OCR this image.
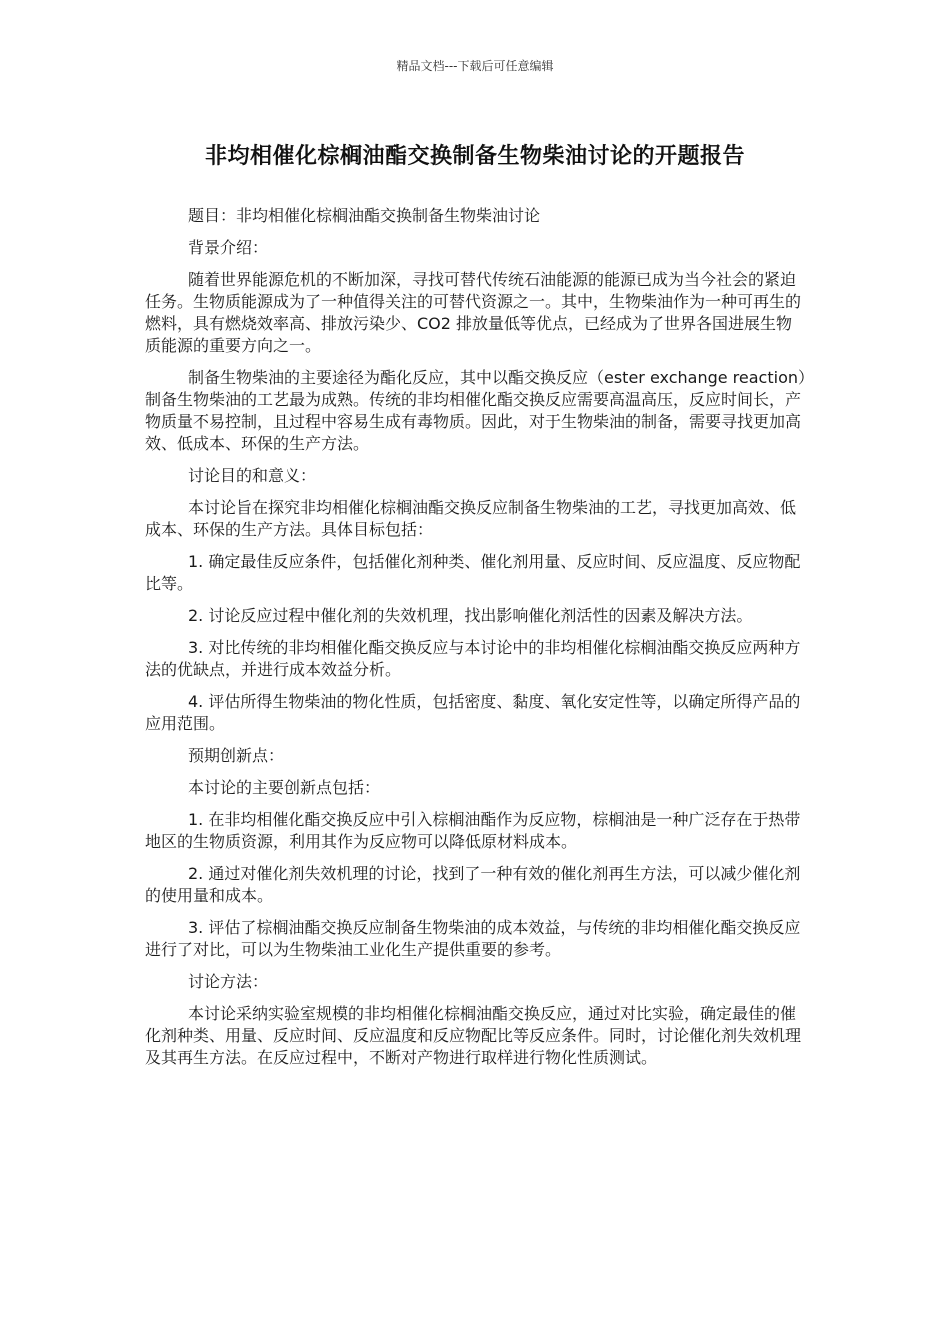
精品文档---下载后可任意编辑
非均相催化棕榈油酯交换制备生物柴油讨论的开题报告

题目：非均相催化棕榈油酯交换制备生物柴油讨论

背景介绍：

随着世界能源危机的不断加深，寻找可替代传统石油能源的能源已成为当今社会的紧迫任务。生物质能源成为了一种值得关注的可替代资源之一。其中，生物柴油作为一种可再生的燃料，具有燃烧效率高、排放污染少、CO2 排放量低等优点，已经成为了世界各国进展生物质能源的重要方向之一。

制备生物柴油的主要途径为酯化反应，其中以酯交换反应（ester exchange reaction）制备生物柴油的工艺最为成熟。传统的非均相催化酯交换反应需要高温高压，反应时间长，产物质量不易控制，且过程中容易生成有毒物质。因此，对于生物柴油的制备，需要寻找更加高效、低成本、环保的生产方法。

讨论目的和意义：

本讨论旨在探究非均相催化棕榈油酯交换反应制备生物柴油的工艺，寻找更加高效、低成本、环保的生产方法。具体目标包括：

1. 确定最佳反应条件，包括催化剂种类、催化剂用量、反应时间、反应温度、反应物配比等。

2. 讨论反应过程中催化剂的失效机理，找出影响催化剂活性的因素及解决方法。

3. 对比传统的非均相催化酯交换反应与本讨论中的非均相催化棕榈油酯交换反应两种方法的优缺点，并进行成本效益分析。

4. 评估所得生物柴油的物化性质，包括密度、黏度、氧化安定性等，以确定所得产品的应用范围。

预期创新点：

本讨论的主要创新点包括：

1. 在非均相催化酯交换反应中引入棕榈油酯作为反应物，棕榈油是一种广泛存在于热带地区的生物质资源，利用其作为反应物可以降低原材料成本。

2. 通过对催化剂失效机理的讨论，找到了一种有效的催化剂再生方法，可以减少催化剂的使用量和成本。

3. 评估了棕榈油酯交换反应制备生物柴油的成本效益，与传统的非均相催化酯交换反应进行了对比，可以为生物柴油工业化生产提供重要的参考。

讨论方法：

本讨论采纳实验室规模的非均相催化棕榈油酯交换反应，通过对比实验，确定最佳的催化剂种类、用量、反应时间、反应温度和反应物配比等反应条件。同时，讨论催化剂失效机理及其再生方法。在反应过程中，不断对产物进行取样进行物化性质测试。
